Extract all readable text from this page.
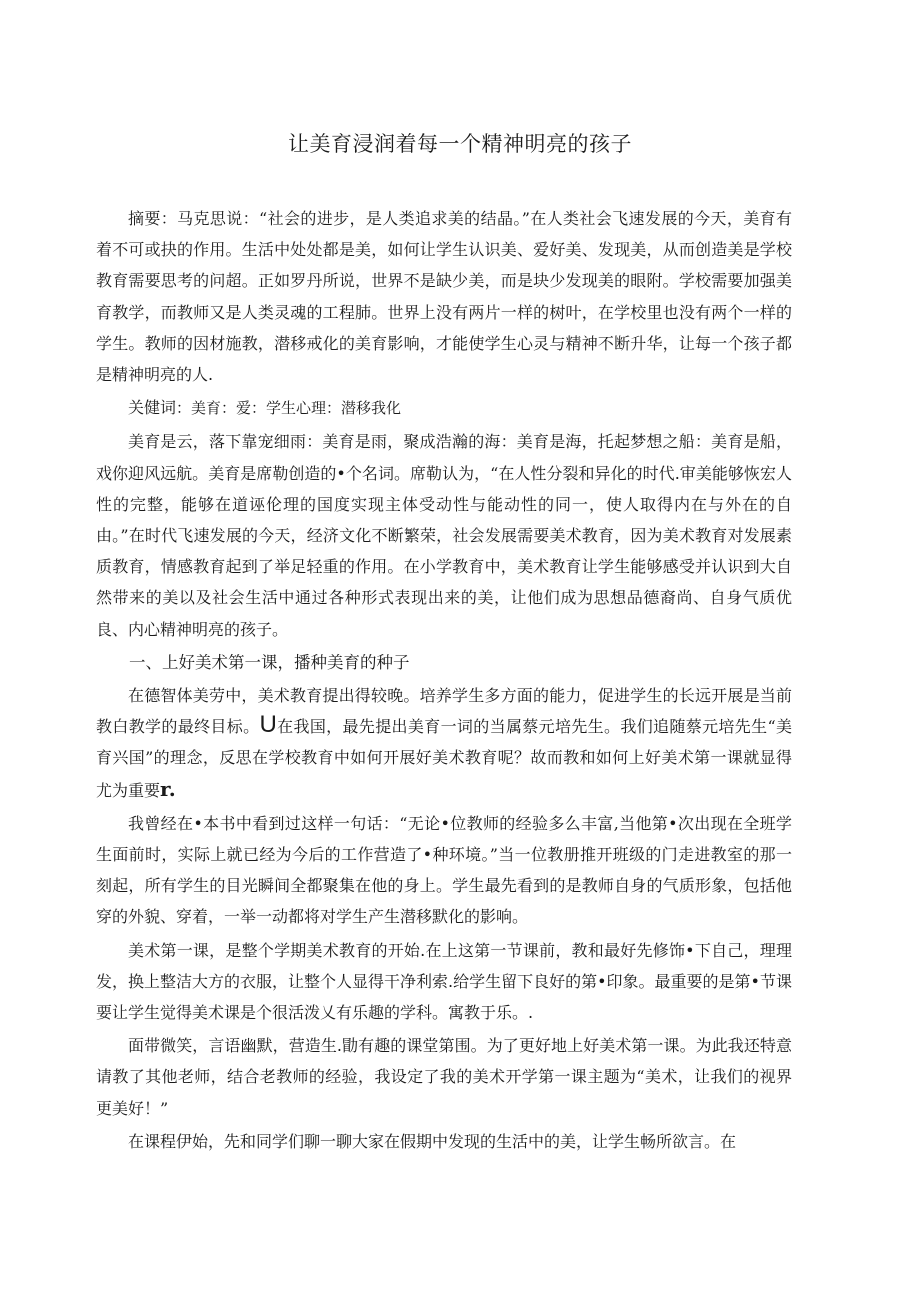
让美育浸润着每一个精神明亮的孩子

摘要：马克思说：“社会的进步，是人类追求美的结晶。”在人类社会飞速发展的今天，美育有着不可或抉的作用。生活中处处都是美，如何让学生认识美、爱好美、发现美，从而创造美是学校教育需要思考的问超。正如罗丹所说，世界不是缺少美，而是块少发现美的眼附。学校需要加强美育教学，而教师又是人类灵魂的工程肺。世界上没有两片一样的树叶，在学校里也没有两个一样的学生。教师的因材施教，潜移戒化的美育影响，才能使学生心灵与精神不断升华，让每一个孩子都是精神明亮的人.

关健词：美育：爱：学生心理：潜移我化

美育是云，落下靠宠细雨：美育是雨，聚成浩瀚的海：美育是海，托起梦想之船：美育是船，戏你迎风远航。美育是席勒创造的•个名词。席勒认为，“在人性分裂和异化的时代.审美能够恢宏人性的完整，能够在道诬伦理的国度实现主体受动性与能动性的同一，使人取得内在与外在的自由。”在时代飞速发展的今天，经济文化不断繁荣，社会发展需要美术教育，因为美术教育对发展素质教育，情感教育起到了举足轻重的作用。在小学教育中，美术教育让学生能够感受并认识到大自然带来的美以及社会生活中通过各种形式表现出来的美，让他们成为思想品德裔尚、自身气质优良、内心精神明亮的孩子。

一、上好美术第一课，播种美育的种子

在德智体美劳中，美术教育提出得较晚。培养学生多方面的能力，促进学生的长远开展是当前教白教学的最终目标。U在我国，最先提出美育一词的当属蔡元培先生。我们追随蔡元培先生“美育兴国”的理念，反思在学校教育中如何开展好美术教育呢？故而教和如何上好美术第一课就显得尤为重要r.

我曾经在•本书中看到过这样一句话：“无论•位教师的经验多么丰富,当他第•次出现在全班学生面前时，实际上就已经为今后的工作营造了•种环境。”当一位教册推开班级的门走进教室的那一刻起，所有学生的目光瞬间全都聚集在他的身上。学生最先看到的是教师自身的气质形象，包括他穿的外貌、穿着，一举一动都将对学生产生潜移默化的影响。

美术第一课，是整个学期美术教育的开始.在上这第一节课前，教和最好先修饰•下自己，理理发，换上整洁大方的衣服，让整个人显得干净利索.给学生留下良好的第•印象。最重要的是第•节课要让学生觉得美术课是个很活泼乂有乐趣的学科。寓教于乐。.

面带微笑，言语幽默，营造生.勖有趣的课堂第围。为了更好地上好美术第一课。为此我还特意请教了其他老师，结合老教师的经验，我设定了我的美术开学第一课主题为“美术，让我们的视界更美好！”

在课程伊始，先和同学们聊一聊大家在假期中发现的生活中的美，让学生畅所欲言。在
